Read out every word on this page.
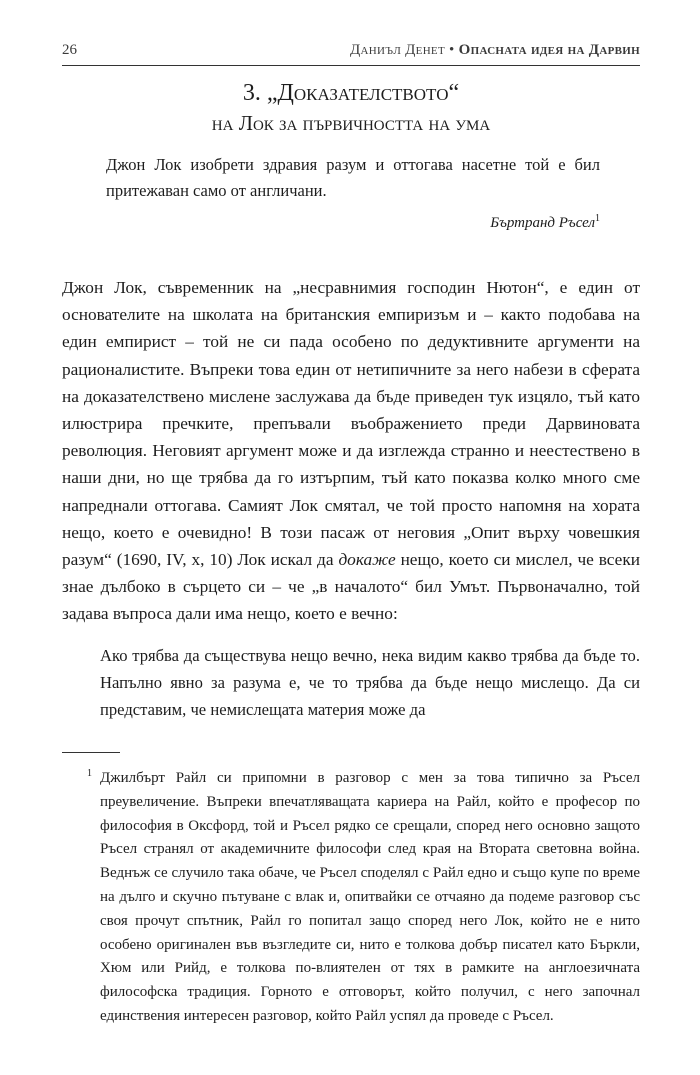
26	Даниъл Денет • Опасната идея на Дарвин
3. „Доказателството“
на Лок за първичността на ума
Джон Лок изобрети здравия разум и оттогава насетне той е бил притежаван само от англичани.
Бъртранд Ръсел$^1$

Джон Лок, съвременник на „несравнимия господин Нютон“, е един от основателите на школата на британския емпиризъм и – както подобава на един емпирист – той не си пада особено по дедуктивните аргументи на рационалистите. Въпреки това един от нетипичните за него набези в сферата на доказателствено мислене заслужава да бъде приведен тук изцяло, тъй като илюстрира пречките, препъвали въображението преди Дарвиновата революция. Неговият аргумент може и да изглежда странно и неестествено в наши дни, но ще трябва да го изтърпим, тъй като показва колко много сме напреднали оттогава. Самият Лок смятал, че той просто напомня на хората нещо, което е очевидно! В този пасаж от неговия „Опит върху човешкия разум“ (1690, IV, x, 10) Лок искал да докаже нещо, което си мислел, че всеки знае дълбоко в сърцето си – че „в началото“ бил Умът. Първоначално, той задава въпроса дали има нещо, което е вечно:

Ако трябва да съществува нещо вечно, нека видим какво трябва да бъде то. Напълно явно за разума е, че то трябва да бъде нещо мислещо. Да си представим, че немислещата материя може да
1 Джилбърт Райл си припомни в разговор с мен за това типично за Ръсел преувеличение. Въпреки впечатляващата кариера на Райл, който е професор по философия в Оксфорд, той и Ръсел рядко се срещали, според него основно защото Ръсел странял от академичните философи след края на Втората световна война. Веднъж се случило така обаче, че Ръсел споделял с Райл едно и също купе по време на дълго и скучно пътуване с влак и, опитвайки се отчаяно да подеме разговор със своя прочут спътник, Райл го попитал защо според него Лок, който не е нито особено оригинален във възгледите си, нито е толкова добър писател като Бъркли, Хюм или Рийд, е толкова по-влиятелен от тях в рамките на англоезичната философска традиция. Горното е отговорът, който получил, с него започнал единствения интересен разговор, който Райл успял да проведе с Ръсел.
